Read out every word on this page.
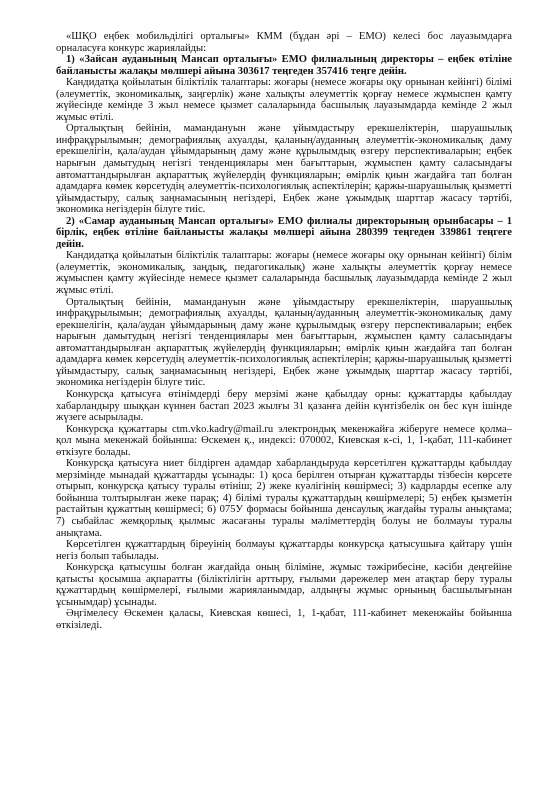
«ШҚО еңбек мобильділігі орталығы» КММ (бұдан әрі – ЕМО) келесі бос лауазымдарға орналасуға конкурс жариялайды:

1) «Зайсан ауданының Мансап орталығы» ЕМО филиалының директоры – еңбек өтіліне байланысты жалақы мөлшері айына 303617 теңгеден 357416 теңге дейін.

Кандидатқа қойылатын біліктілік талаптары: жоғары (немесе жоғары оқу орнынан кейінгі) білімі (әлеуметтік, экономикалық, заңгерлік) және халықты әлеуметтік қорғау немесе жұмыспен қамту жүйесінде кемінде 3 жыл немесе қызмет салаларында басшылық лауазымдарда кемінде 2 жыл жұмыс өтілі.

Орталықтың бейінін, мамандануын және ұйымдастыру ерекшеліктерін, шаруашылық инфрақұрылымын; демографиялық ахуалды, қаланың/ауданның әлеуметтік-экономикалық даму ерекшелігін, қала/аудан ұйымдарының даму және құрылымдық өзгеру перспективаларын; еңбек нарығын дамытудың негізгі тенденциялары мен бағыттарын, жұмыспен қамту саласындағы автоматтандырылған ақпараттық жүйелердің функцияларын; өмірлік қиын жағдайға тап болған адамдарға көмек көрсетудің әлеуметтік-психологиялық аспектілерін; қаржы-шаруашылық қызметті ұйымдастыру, салық заңнамасының негіздері, Еңбек және ұжымдық шарттар жасасу тәртібі, экономика негіздерін білуге тиіс.

2) «Самар ауданының Мансап орталығы» ЕМО филиалы директорының орынбасары – 1 бірлік, еңбек өтіліне байланысты жалақы мөлшері айына 280399 теңгеден 339861 теңгеге дейін.

Кандидатқа қойылатын біліктілік талаптары: жоғары (немесе жоғары оқу орнынан кейінгі) білім (әлеуметтік, экономикалық, заңдық, педагогикалық) және халықты әлеуметтік қорғау немесе жұмыспен қамту жүйесінде немесе қызмет салаларында басшылық лауазымдарда кемінде 2 жыл жұмыс өтілі.

Орталықтың бейінін, мамандануын және ұйымдастыру ерекшеліктерін, шаруашылық инфрақұрылымын; демографиялық ахуалды, қаланың/ауданның әлеуметтік-экономикалық даму ерекшелігін, қала/аудан ұйымдарының даму және құрылымдық өзгеру перспективаларын; еңбек нарығын дамытудың негізгі тенденциялары мен бағыттарын, жұмыспен қамту саласындағы автоматтандырылған ақпараттық жүйелердің функцияларын; өмірлік қиын жағдайға тап болған адамдарға көмек көрсетудің әлеуметтік-психологиялық аспектілерін; қаржы-шаруашылық қызметті ұйымдастыру, салық заңнамасының негіздері, Еңбек және ұжымдық шарттар жасасу тәртібі, экономика негіздерін білуге тиіс.

Конкурсқа қатысуға өтінімдерді беру мерзімі және қабылдау орны: құжаттарды қабылдау хабарландыру шыққан күннен бастап 2023 жылғы 31 қазанға дейін күнтізбелік он бес күн ішінде жүзеге асырылады.

Конкурсқа құжаттары ctm.vko.kadry@mail.ru электрондық мекенжайға жіберуге немесе қолма–қол мына мекенжай бойынша: Өскемен қ., индексі: 070002, Киевская к-сі, 1, 1-қабат, 111-кабинет өткізуге болады.

Конкурсқа қатысуға ниет білдірген адамдар хабарландыруда көрсетілген құжаттарды қабылдау мерзімінде мынадай құжаттарды ұсынады: 1) қоса берілген отырған құжаттарды тізбесін көрсете отырып, конкурсқа қатысу туралы өтініш; 2) жеке куәлігінің көшірмесі; 3) кадрларды есепке алу бойынша толтырылған жеке парақ; 4) білімі туралы құжаттардың көшірмелері; 5) еңбек қызметін растайтын құжаттың көшірмесі; 6) 075У формасы бойынша денсаулық жағдайы туралы анықтама; 7) сыбайлас жемқорлық қылмыс жасағаны туралы мәліметтердің болуы не болмауы туралы анықтама.

Көрсетілген құжаттардың біреуінің болмауы құжаттарды конкурсқа қатысушыға қайтару үшін негіз болып табылады.

Конкурсқа қатысушы болған жағдайда оның біліміне, жұмыс тәжірибесіне, кәсіби деңгейіне қатысты қосымша ақпаратты (біліктілігін арттыру, ғылыми дәрежелер мен атақтар беру туралы құжаттардың көшірмелері, ғылыми жарияланымдар, алдыңғы жұмыс орнының басшылығынан ұсынымдар) ұсынады.

Әңгімелесу Өскемен қаласы, Киевская көшесі, 1, 1-қабат, 111-кабинет мекенжайы бойынша өткізіледі.
